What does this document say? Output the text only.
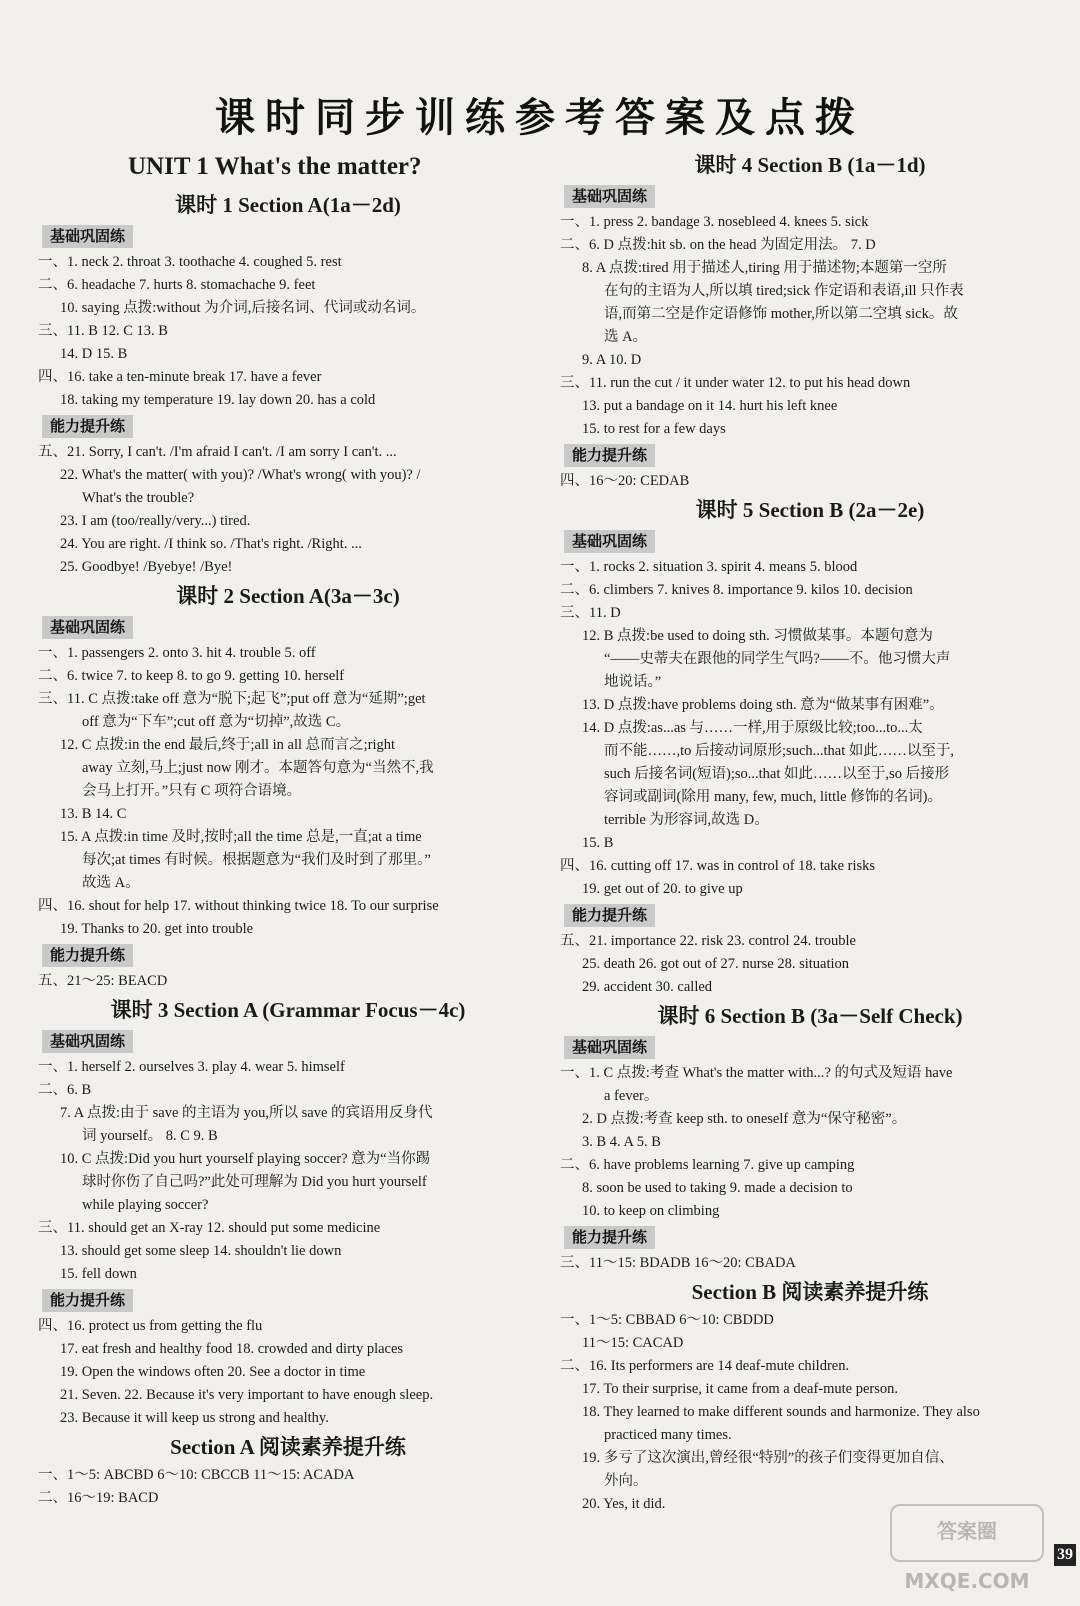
课时同步训练参考答案及点拨
UNIT 1 What's the matter?
课时 1 Section A(1a－2d)
基础巩固练
一、1. neck 2. throat 3. toothache 4. coughed 5. rest
二、6. headache 7. hurts 8. stomachache 9. feet
10. saying 点拨:without 为介词,后接名词、代词或动名词。
三、11. B 12. C 13. B
14. D 15. B
四、16. take a ten-minute break 17. have a fever
18. taking my temperature 19. lay down 20. has a cold
能力提升练
五、21. Sorry, I can't. /I'm afraid I can't. /I am sorry I can't. ...
22. What's the matter( with you)? /What's wrong( with you)? /
What's the trouble?
23. I am (too/really/very...) tired.
24. You are right. /I think so. /That's right. /Right. ...
25. Goodbye! /Byebye! /Bye!
课时 2 Section A(3a－3c)
基础巩固练
一、1. passengers 2. onto 3. hit 4. trouble 5. off
二、6. twice 7. to keep 8. to go 9. getting 10. herself
三、11. C 点拨:take off 意为“脱下;起飞”;put off 意为“延期”;get
off 意为“下车”;cut off 意为“切掉”,故选 C。
12. C 点拨:in the end 最后,终于;all in all 总而言之;right
away 立刻,马上;just now 刚才。本题答句意为“当然不,我
会马上打开。”只有 C 项符合语境。
13. B 14. C
15. A 点拨:in time 及时,按时;all the time 总是,一直;at a time
每次;at times 有时候。根据题意为“我们及时到了那里。”
故选 A。
四、16. shout for help 17. without thinking twice 18. To our surprise
19. Thanks to 20. get into trouble
能力提升练
五、21～25: BEACD
课时 3 Section A (Grammar Focus－4c)
基础巩固练
一、1. herself 2. ourselves 3. play 4. wear 5. himself
二、6. B
7. A 点拨:由于 save 的主语为 you,所以 save 的宾语用反身代
词 yourself。 8. C 9. B
10. C 点拨:Did you hurt yourself playing soccer? 意为“当你踢
球时你伤了自己吗?”此处可理解为 Did you hurt yourself
while playing soccer?
三、11. should get an X-ray 12. should put some medicine
13. should get some sleep 14. shouldn't lie down
15. fell down
能力提升练
四、16. protect us from getting the flu
17. eat fresh and healthy food 18. crowded and dirty places
19. Open the windows often 20. See a doctor in time
21. Seven. 22. Because it's very important to have enough sleep.
23. Because it will keep us strong and healthy.
Section A 阅读素养提升练
一、1～5: ABCBD 6～10: CBCCB 11～15: ACADA
二、16～19: BACD
课时 4 Section B (1a－1d)
基础巩固练
一、1. press 2. bandage 3. nosebleed 4. knees 5. sick
二、6. D 点拨:hit sb. on the head 为固定用法。 7. D
8. A 点拨:tired 用于描述人,tiring 用于描述物;本题第一空所
在句的主语为人,所以填 tired;sick 作定语和表语,ill 只作表
语,而第二空是作定语修饰 mother,所以第二空填 sick。故
选 A。
9. A 10. D
三、11. run the cut / it under water 12. to put his head down
13. put a bandage on it 14. hurt his left knee
15. to rest for a few days
能力提升练
四、16～20: CEDAB
课时 5 Section B (2a－2e)
基础巩固练
一、1. rocks 2. situation 3. spirit 4. means 5. blood
二、6. climbers 7. knives 8. importance 9. kilos 10. decision
三、11. D
12. B 点拨:be used to doing sth. 习惯做某事。本题句意为
“——史蒂夫在跟他的同学生气吗?——不。他习惯大声
地说话。”
13. D 点拨:have problems doing sth. 意为“做某事有困难”。
14. D 点拨:as...as 与……一样,用于原级比较;too...to...太
而不能……,to 后接动词原形;such...that 如此……以至于,
such 后接名词(短语);so...that 如此……以至于,so 后接形
容词或副词(除用 many, few, much, little 修饰的名词)。
terrible 为形容词,故选 D。
15. B
四、16. cutting off 17. was in control of 18. take risks
19. get out of 20. to give up
能力提升练
五、21. importance 22. risk 23. control 24. trouble
25. death 26. got out of 27. nurse 28. situation
29. accident 30. called
课时 6 Section B (3a－Self Check)
基础巩固练
一、1. C 点拨:考查 What's the matter with...? 的句式及短语 have
a fever。
2. D 点拨:考查 keep sth. to oneself 意为“保守秘密”。
3. B 4. A 5. B
二、6. have problems learning 7. give up camping
8. soon be used to taking 9. made a decision to
10. to keep on climbing
能力提升练
三、11～15: BDADB 16～20: CBADA
Section B 阅读素养提升练
一、1～5: CBBAD 6～10: CBDDD
11～15: CACAD
二、16. Its performers are 14 deaf-mute children.
17. To their surprise, it came from a deaf-mute person.
18. They learned to make different sounds and harmonize. They also
practiced many times.
19. 多亏了这次演出,曾经很“特别”的孩子们变得更加自信、
外向。
20. Yes, it did.
答案圈 MXQE.COM
39
